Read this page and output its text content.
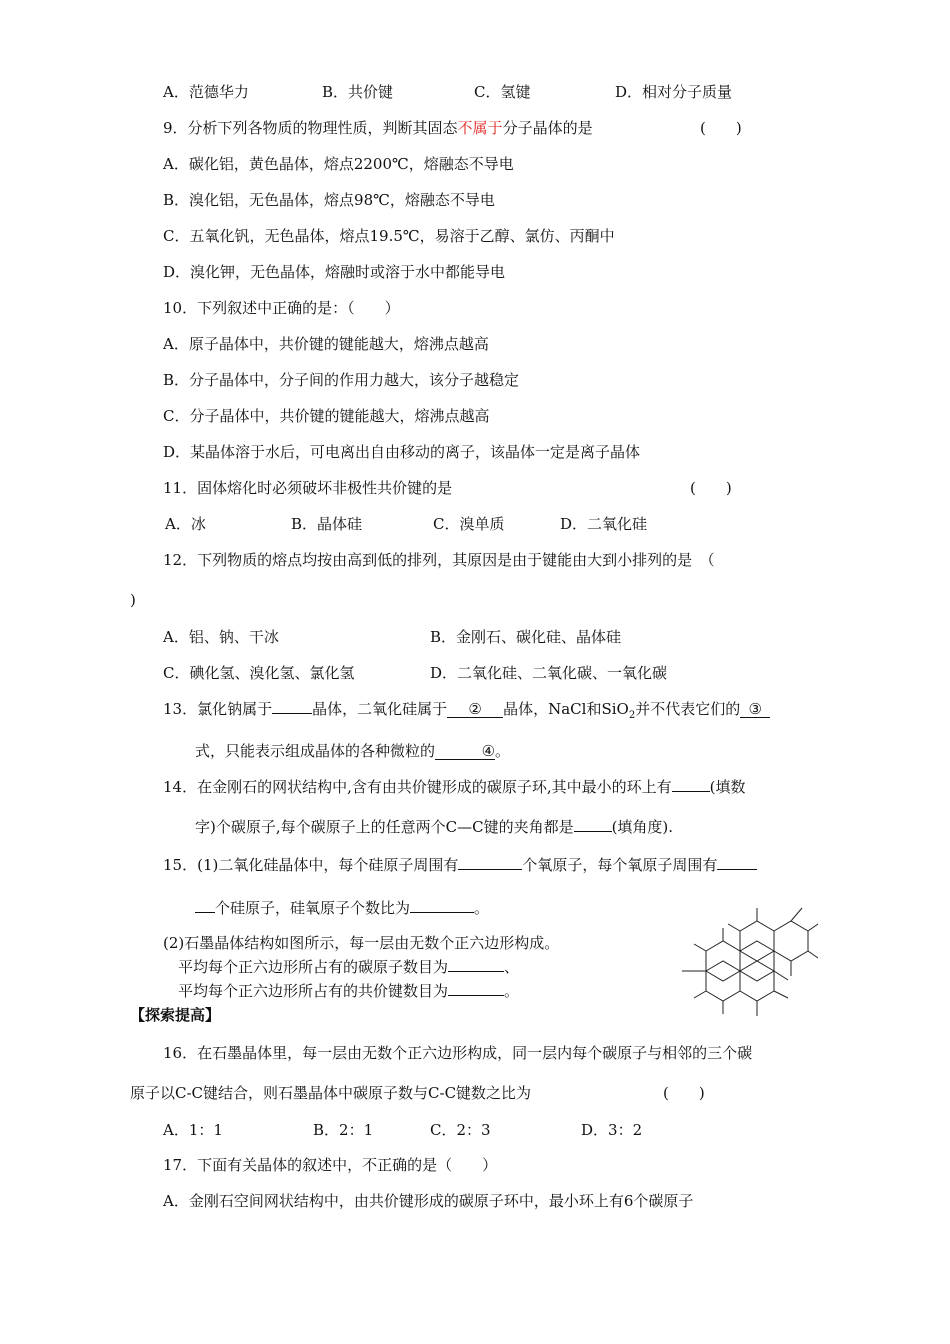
A．范德华力	B．共价键	C．氢键	D．相对分子质量
9．分析下列各物质的物理性质，判断其固态不属于分子晶体的是	(　　)
A．碳化铝，黄色晶体，熔点2200℃，熔融态不导电
B．溴化铝，无色晶体，熔点98℃，熔融态不导电
C．五氧化钒，无色晶体，熔点19.5℃，易溶于乙醇、氯仿、丙酮中
D．溴化钾，无色晶体，熔融时或溶于水中都能导电
10．下列叙述中正确的是：（　　）
A．原子晶体中，共价键的键能越大，熔沸点越高
B．分子晶体中，分子间的作用力越大，该分子越稳定
C．分子晶体中，共价键的键能越大，熔沸点越高
D．某晶体溶于水后，可电离出自由移动的离子，该晶体一定是离子晶体
11．固体熔化时必须破坏非极性共价键的是	(　　)
A．冰	B．晶体硅	C．溴单质	D．二氧化硅
12．下列物质的熔点均按由高到低的排列，其原因是由于键能由大到小排列的是　（
)
A．铝、钠、干冰	B．金刚石、碳化硅、晶体硅
C．碘化氢、溴化氢、氯化氢	D．二氧化硅、二氧化碳、一氧化碳
13．氯化钠属于	晶体，二氧化硅属于 ② 晶体，NaCl和SiO$_2$并不代表它们的 ③
式，只能表示组成晶体的各种微粒的	④。
14．在金刚石的网状结构中,含有由共价键形成的碳原子环,其中最小的环上有	(填数
字)个碳原子,每个碳原子上的任意两个C—C键的夹角都是	(填角度).
15．(1)二氧化硅晶体中，每个硅原子周围有	个氧原子，每个氧原子周围有
个硅原子，硅氧原子个数比为	。
(2)石墨晶体结构如图所示，每一层由无数个正六边形构成。
平均每个正六边形所占有的碳原子数目为	、
平均每个正六边形所占有的共价键数目为	。
【探索提高】
16．在石墨晶体里，每一层由无数个正六边形构成，同一层内每个碳原子与相邻的三个碳
原子以C-C键结合，则石墨晶体中碳原子数与C-C键数之比为	(　　)
A．1：1	B．2：1	C．2：3	D．3：2
17．下面有关晶体的叙述中，不正确的是（　　）
A．金刚石空间网状结构中，由共价键形成的碳原子环中，最小环上有6个碳原子
